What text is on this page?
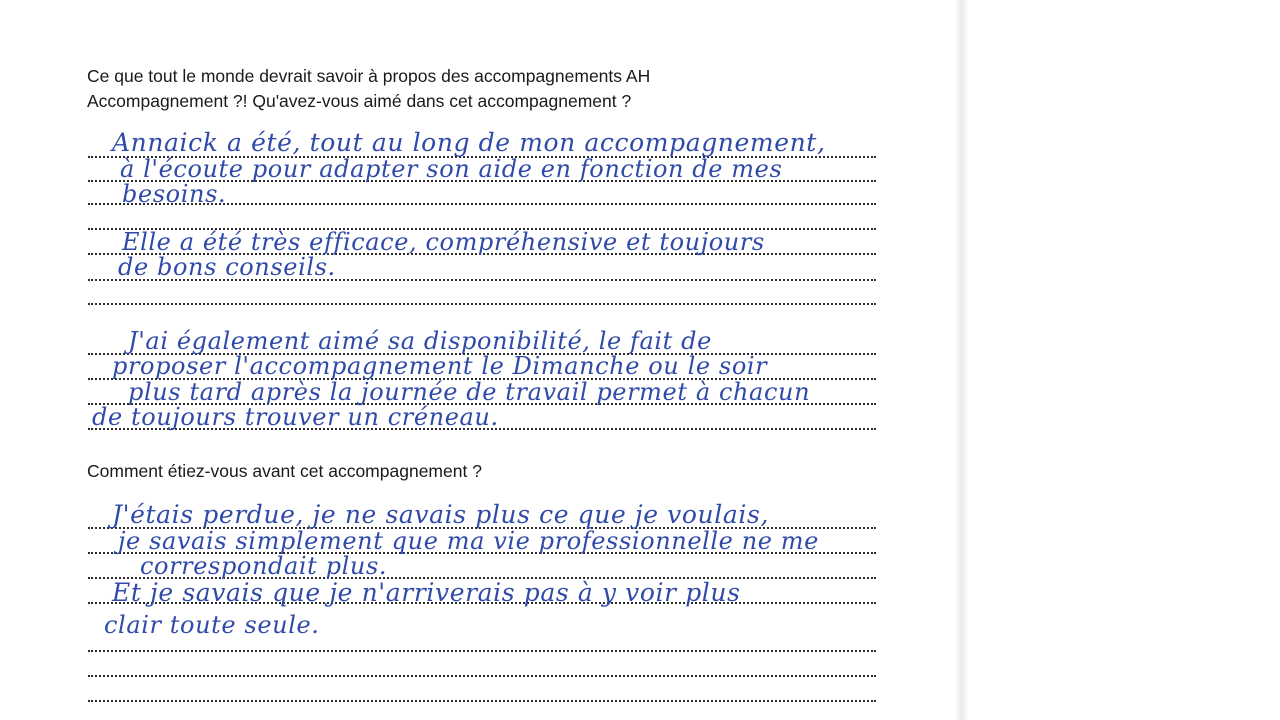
Ce que tout le monde devrait savoir à propos des accompagnements AH

Accompagnement ?! Qu'avez-vous aimé dans cet accompagnement ?

Annaick a été, tout au long de mon accompagnement,
à l'écoute pour adapter son aide en fonction de mes
besoins.
Elle a été très efficace, compréhensive et toujours
de bons conseils.
J'ai également aimé sa disponibilité, le fait de
proposer l'accompagnement le Dimanche ou le soir
plus tard après la journée de travail permet à chacun
de toujours trouver un créneau.

Comment étiez-vous avant cet accompagnement ?

J'étais perdue, je ne savais plus ce que je voulais,
je savais simplement que ma vie professionnelle ne me
correspondait plus.
Et je savais que je n'arriverais pas à y voir plus
clair toute seule.
